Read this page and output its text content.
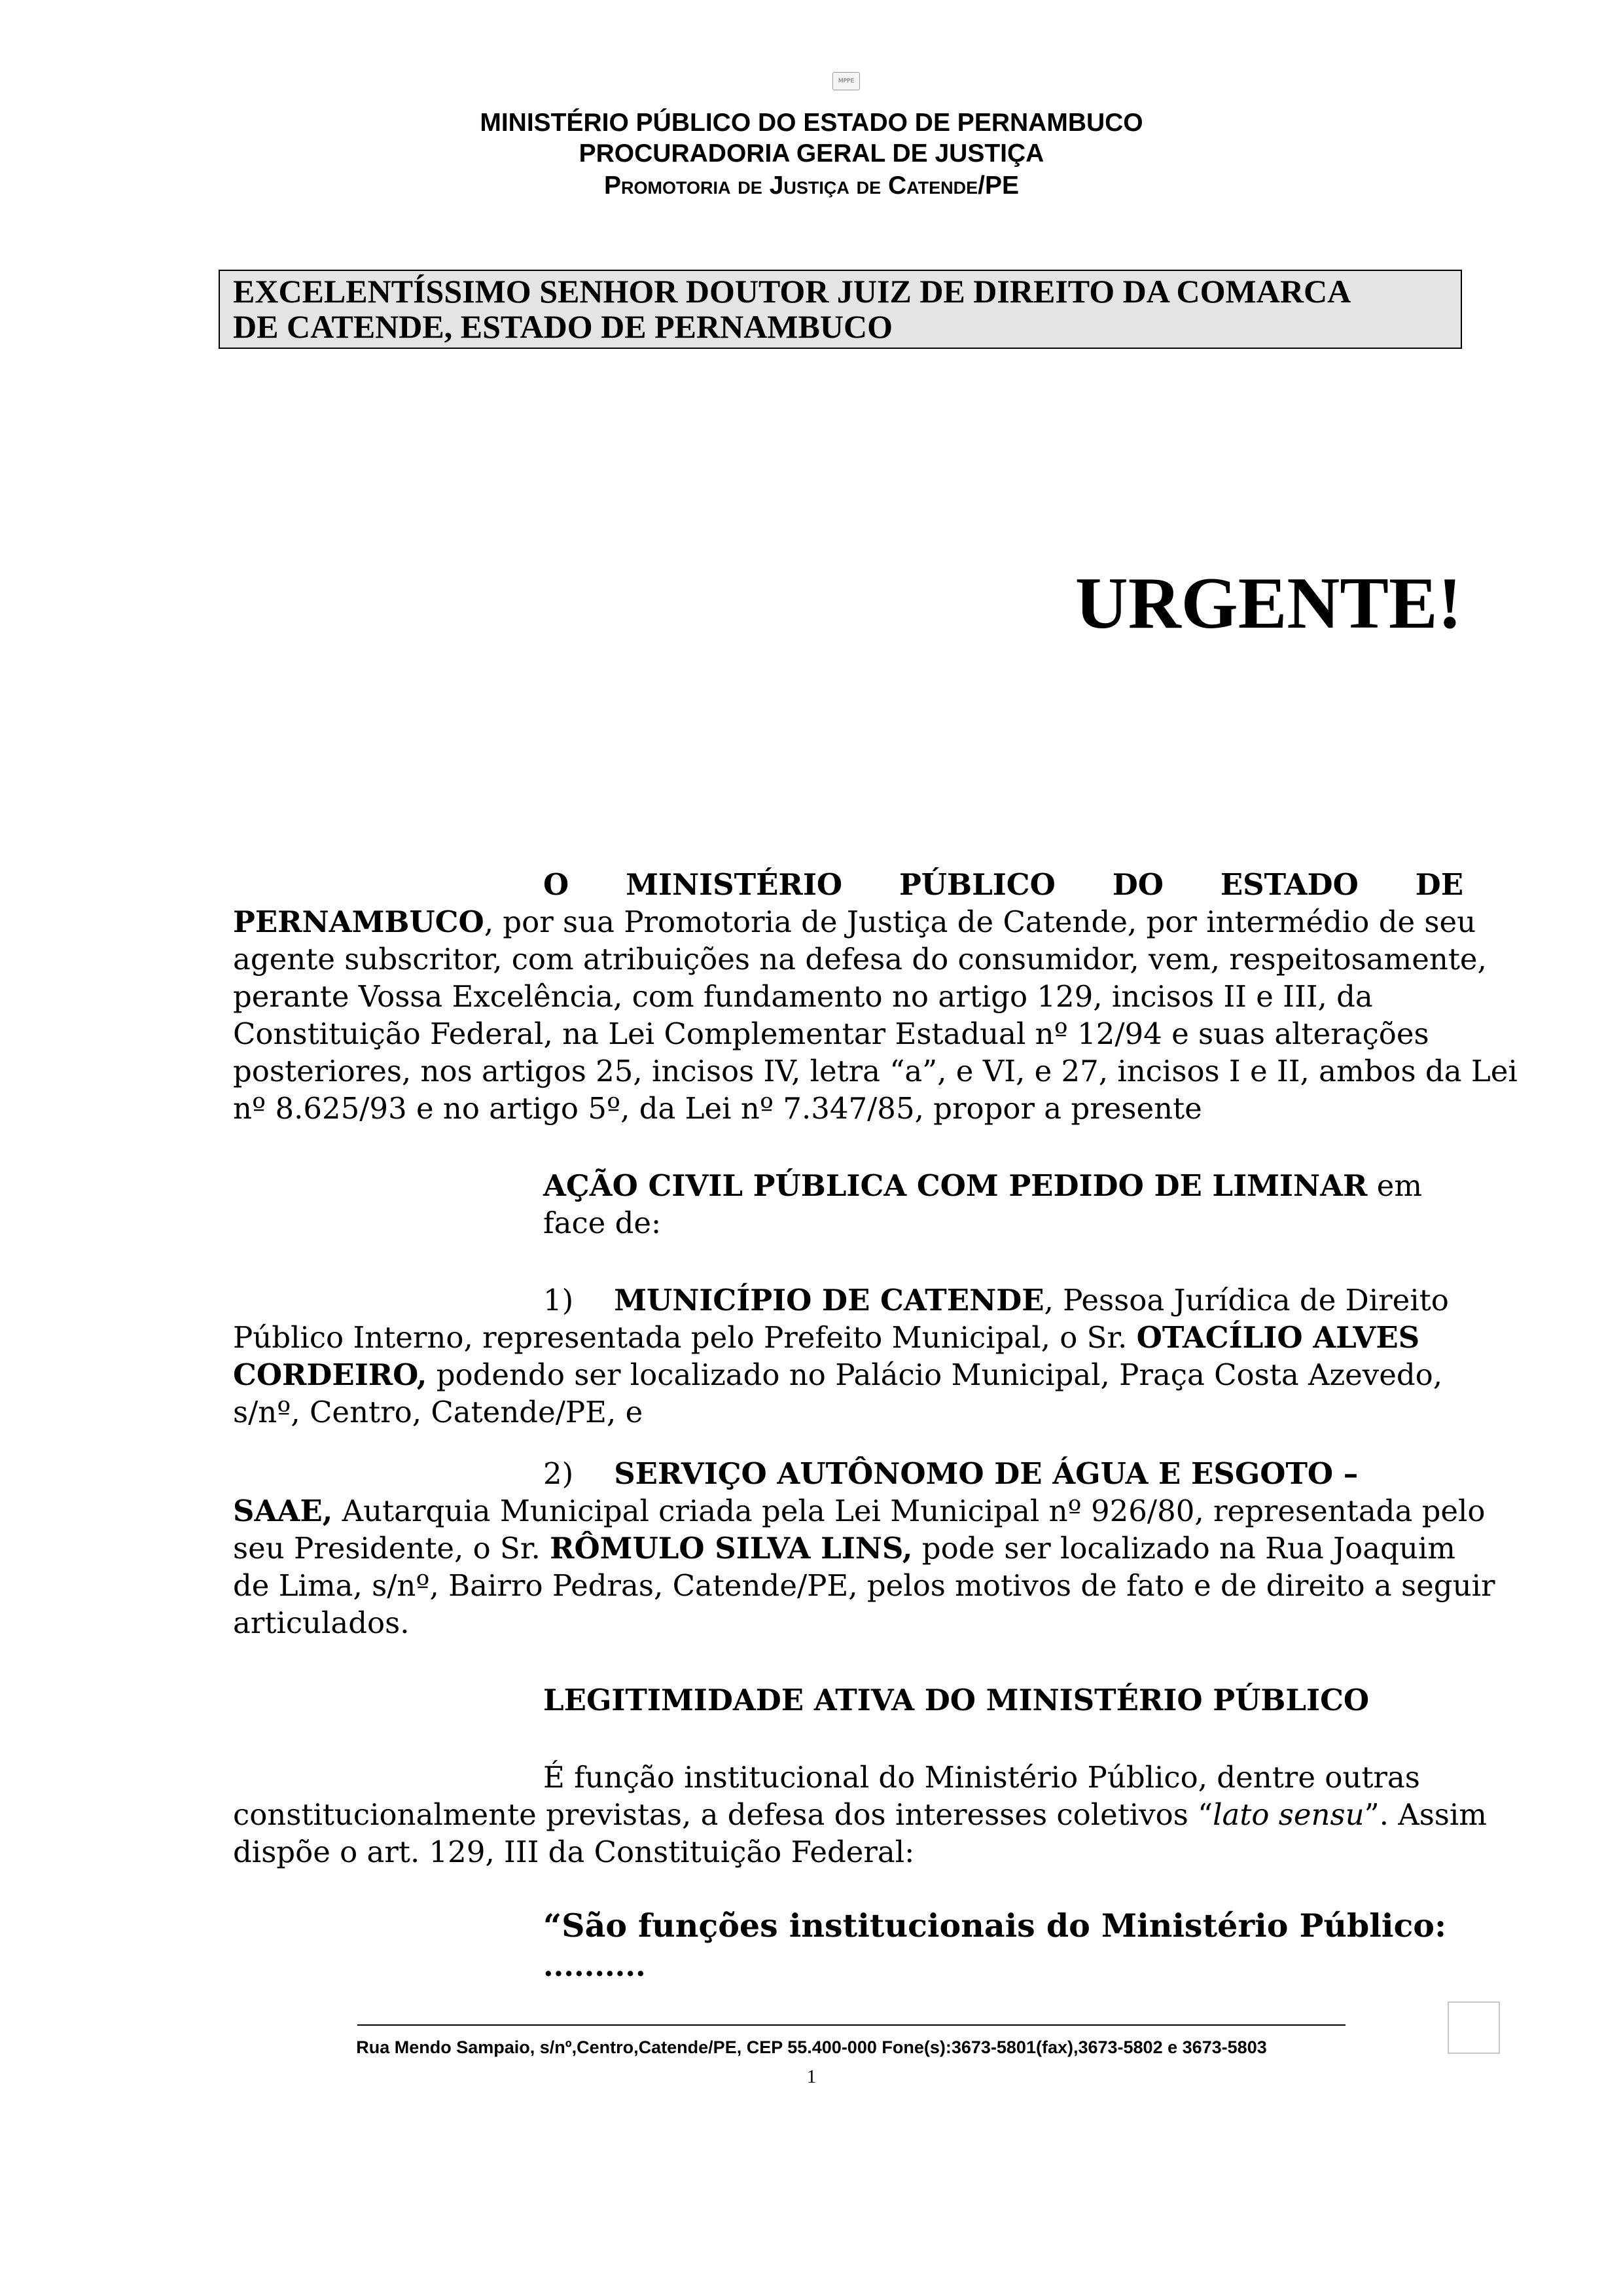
MPPE
MINISTÉRIO PÚBLICO DO ESTADO DE PERNAMBUCO
PROCURADORIA GERAL DE JUSTIÇA
Promotoria de Justiça de Catende/PE
EXCELENTÍSSIMO SENHOR DOUTOR JUIZ DE DIREITO DA COMARCA
DE CATENDE, ESTADO DE PERNAMBUCO
URGENTE!
O MINISTÉRIO PÚBLICO DO ESTADO DE
PERNAMBUCO, por sua Promotoria de Justiça de Catende, por intermédio de seu
agente subscritor, com atribuições na defesa do consumidor, vem, respeitosamente,
perante Vossa Excelência, com fundamento no artigo 129, incisos II e III, da
Constituição Federal, na Lei Complementar Estadual nº 12/94 e suas alterações
posteriores, nos artigos 25, incisos IV, letra “a”, e VI, e 27, incisos I e II, ambos da Lei
nº 8.625/93 e no artigo 5º, da Lei nº 7.347/85, propor a presente
AÇÃO CIVIL PÚBLICA COM PEDIDO DE LIMINAR em
face de:
1) MUNICÍPIO DE CATENDE, Pessoa Jurídica de Direito
Público Interno, representada pelo Prefeito Municipal, o Sr. OTACÍLIO ALVES
CORDEIRO, podendo ser localizado no Palácio Municipal, Praça Costa Azevedo,
s/nº, Centro, Catende/PE, e
2) SERVIÇO AUTÔNOMO DE ÁGUA E ESGOTO –
SAAE, Autarquia Municipal criada pela Lei Municipal nº 926/80, representada pelo
seu Presidente, o Sr. RÔMULO SILVA LINS, pode ser localizado na Rua Joaquim
de Lima, s/nº, Bairro Pedras, Catende/PE, pelos motivos de fato e de direito a seguir
articulados.
LEGITIMIDADE ATIVA DO MINISTÉRIO PÚBLICO
É função institucional do Ministério Público, dentre outras
constitucionalmente previstas, a defesa dos interesses coletivos “lato sensu”. Assim
dispõe o art. 129, III da Constituição Federal:
“São funções institucionais do Ministério Público:
..........
Rua Mendo Sampaio, s/nº,Centro,Catende/PE, CEP 55.400-000 Fone(s):3673-5801(fax),3673-5802 e 3673-5803
1
